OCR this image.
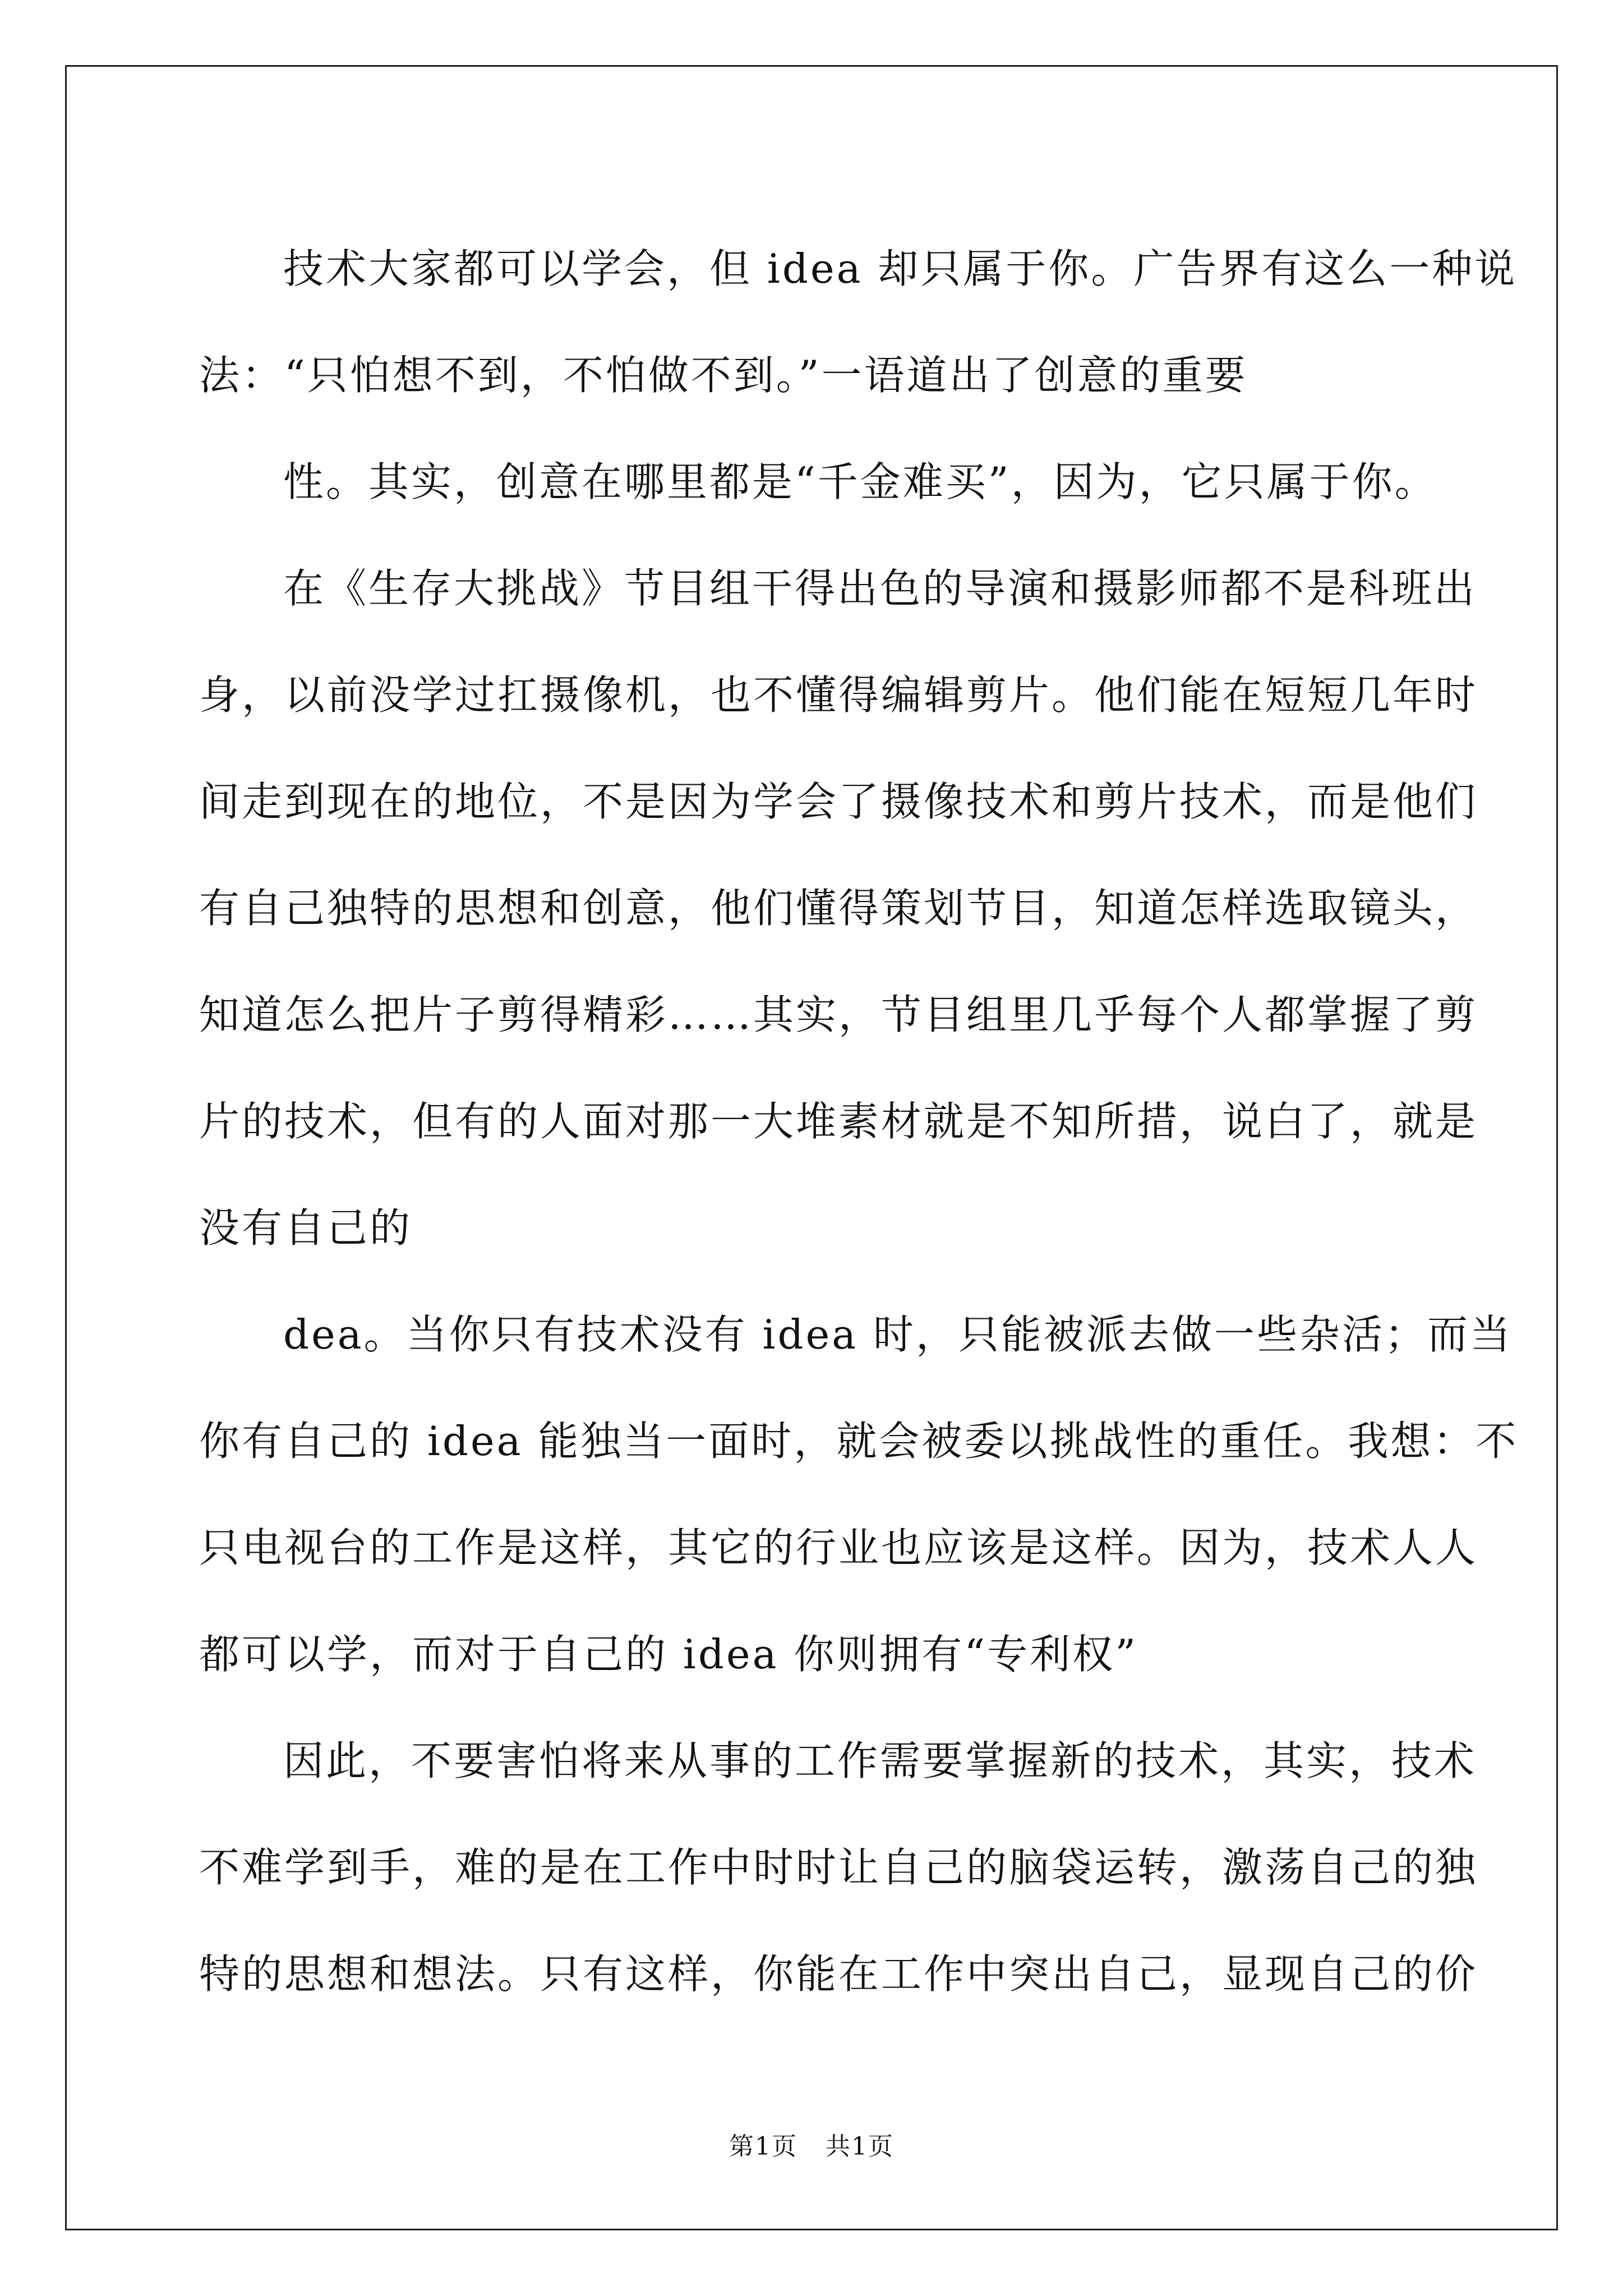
技术大家都可以学会，但 idea 却只属于你。广告界有这么一种说
法：“只怕想不到，不怕做不到。”一语道出了创意的重要
性。其实，创意在哪里都是“千金难买”，因为，它只属于你。
在《生存大挑战》节目组干得出色的导演和摄影师都不是科班出
身，以前没学过扛摄像机，也不懂得编辑剪片。他们能在短短几年时
间走到现在的地位，不是因为学会了摄像技术和剪片技术，而是他们
有自己独特的思想和创意，他们懂得策划节目，知道怎样选取镜头，
知道怎么把片子剪得精彩……其实，节目组里几乎每个人都掌握了剪
片的技术，但有的人面对那一大堆素材就是不知所措，说白了，就是
没有自己的
dea。当你只有技术没有 idea 时，只能被派去做一些杂活；而当
你有自己的 idea 能独当一面时，就会被委以挑战性的重任。我想：不
只电视台的工作是这样，其它的行业也应该是这样。因为，技术人人
都可以学，而对于自己的 idea 你则拥有“专利权”
因此，不要害怕将来从事的工作需要掌握新的技术，其实，技术
不难学到手，难的是在工作中时时让自己的脑袋运转，激荡自己的独
特的思想和想法。只有这样，你能在工作中突出自己，显现自己的价
第1页 共1页
